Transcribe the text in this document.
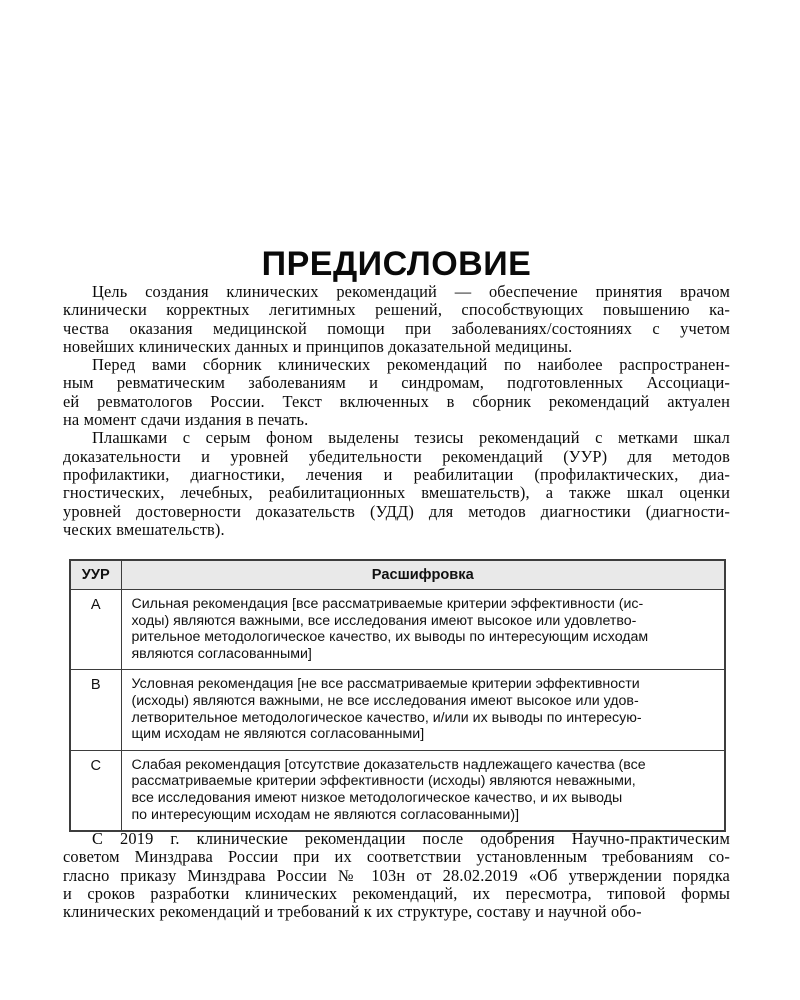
ПРЕДИСЛОВИЕ
Цель создания клинических рекомендаций — обеспечение принятия врачом
клинически корректных легитимных решений, способствующих повышению ка-
чества оказания медицинской помощи при заболеваниях/состояниях с учетом
новейших клинических данных и принципов доказательной медицины.
Перед вами сборник клинических рекомендаций по наиболее распространен-
ным ревматическим заболеваниям и синдромам, подготовленных Ассоциаци-
ей ревматологов России. Текст включенных в сборник рекомендаций актуален
на момент сдачи издания в печать.
Плашками с серым фоном выделены тезисы рекомендаций с метками шкал
доказательности и уровней убедительности рекомендаций (УУР) для методов
профилактики, диагностики, лечения и реабилитации (профилактических, диа-
гностических, лечебных, реабилитационных вмешательств), а также шкал оценки
уровней достоверности доказательств (УДД) для методов диагностики (диагности-
ческих вмешательств).
УУР	Расшифровка
A	Сильная рекомендация [все рассматриваемые критерии эффективности (ис-
ходы) являются важными, все исследования имеют высокое или удовлетво-
рительное методологическое качество, их выводы по интересующим исходам
являются согласованными]

B	Условная рекомендация [не все рассматриваемые критерии эффективности
(исходы) являются важными, не все исследования имеют высокое или удов-
летворительное методологическое качество, и/или их выводы по интересую-
щим исходам не являются согласованными]

C	Слабая рекомендация [отсутствие доказательств надлежащего качества (все
рассматриваемые критерии эффективности (исходы) являются неважными,
все исследования имеют низкое методологическое качество, и их выводы
по интересующим исходам не являются согласованными)]
С 2019 г. клинические рекомендации после одобрения Научно-практическим
советом Минздрава России при их соответствии установленным требованиям со-
гласно приказу Минздрава России № 103н от 28.02.2019 «Об утверждении порядка
и сроков разработки клинических рекомендаций, их пересмотра, типовой формы
клинических рекомендаций и требований к их структуре, составу и научной обо-
